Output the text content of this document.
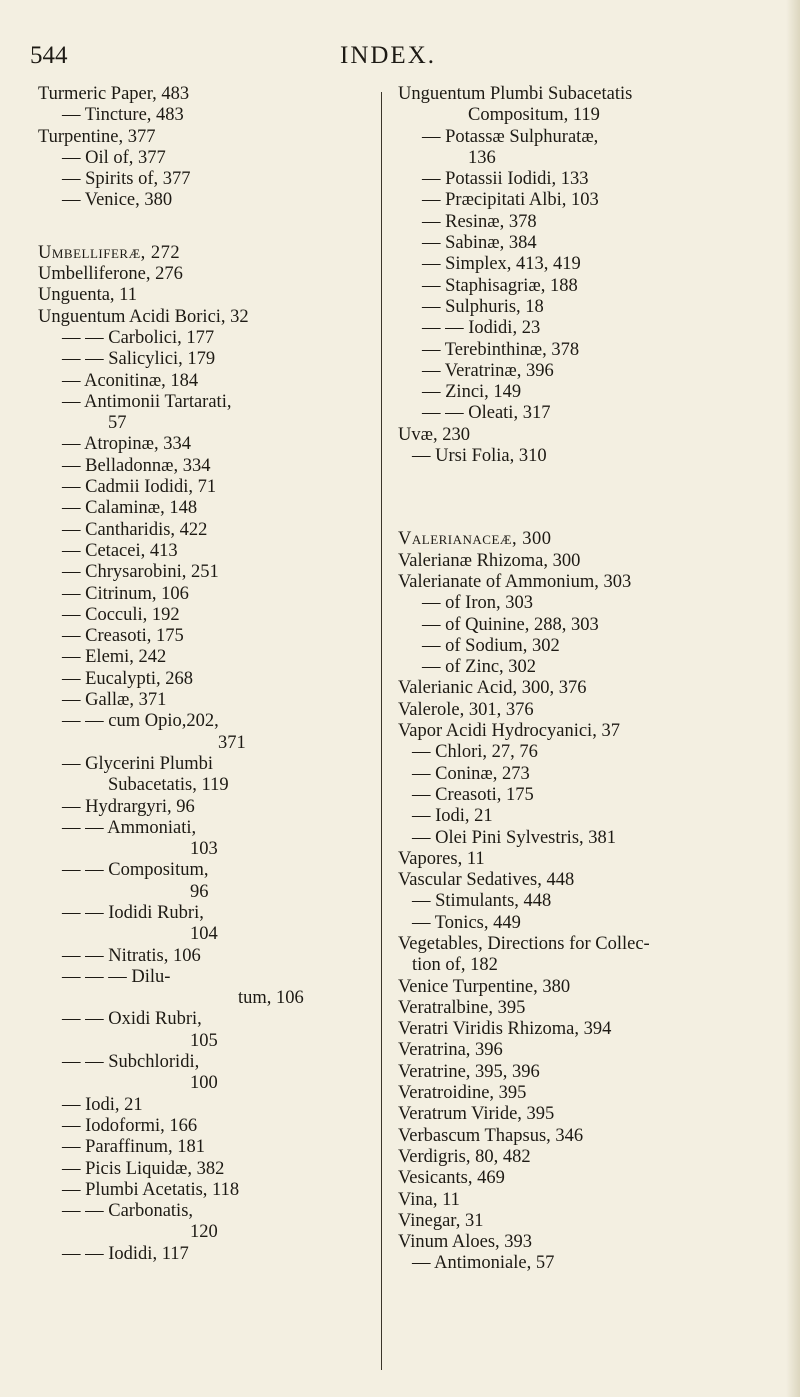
544	INDEX.
Turmeric Paper, 483
— Tincture, 483
Turpentine, 377
— Oil of, 377
— Spirits of, 377
— Venice, 380
Umbelliferæ, 272
Umbelliferone, 276
Unguenta, 11
Unguentum Acidi Borici, 32
— — Carbolici, 177
— — Salicylici, 179
— Aconitinæ, 184
— Antimonii Tartarati,
57
— Atropinæ, 334
— Belladonnæ, 334
— Cadmii Iodidi, 71
— Calaminæ, 148
— Cantharidis, 422
— Cetacei, 413
— Chrysarobini, 251
— Citrinum, 106
— Cocculi, 192
— Creasoti, 175
— Elemi, 242
— Eucalypti, 268
— Gallæ, 371
— — cum Opio,202,
371
— Glycerini Plumbi
Subacetatis, 119
— Hydrargyri, 96
— — Ammoniati,
103
— — Compositum,
96
— — Iodidi Rubri,
104
— — Nitratis, 106
— — — Dilu-
tum, 106
— — Oxidi Rubri,
105
— — Subchloridi,
100
— Iodi, 21
— Iodoformi, 166
— Paraffinum, 181
— Picis Liquidæ, 382
— Plumbi Acetatis, 118
— — Carbonatis,
120
— — Iodidi, 117
Unguentum Plumbi Subacetatis
Compositum, 119
— Potassæ Sulphuratæ,
136
— Potassii Iodidi, 133
— Præcipitati Albi, 103
— Resinæ, 378
— Sabinæ, 384
— Simplex, 413, 419
— Staphisagriæ, 188
— Sulphuris, 18
— — Iodidi, 23
— Terebinthinæ, 378
— Veratrinæ, 396
— Zinci, 149
— — Oleati, 317
Uvæ, 230
— Ursi Folia, 310
Valerianaceæ, 300
Valerianæ Rhizoma, 300
Valerianate of Ammonium, 303
— of Iron, 303
— of Quinine, 288, 303
— of Sodium, 302
— of Zinc, 302
Valerianic Acid, 300, 376
Valerole, 301, 376
Vapor Acidi Hydrocyanici, 37
— Chlori, 27, 76
— Coninæ, 273
— Creasoti, 175
— Iodi, 21
— Olei Pini Sylvestris, 381
Vapores, 11
Vascular Sedatives, 448
— Stimulants, 448
— Tonics, 449
Vegetables, Directions for Collec-
tion of, 182
Venice Turpentine, 380
Veratralbine, 395
Veratri Viridis Rhizoma, 394
Veratrina, 396
Veratrine, 395, 396
Veratroidine, 395
Veratrum Viride, 395
Verbascum Thapsus, 346
Verdigris, 80, 482
Vesicants, 469
Vina, 11
Vinegar, 31
Vinum Aloes, 393
— Antimoniale, 57
